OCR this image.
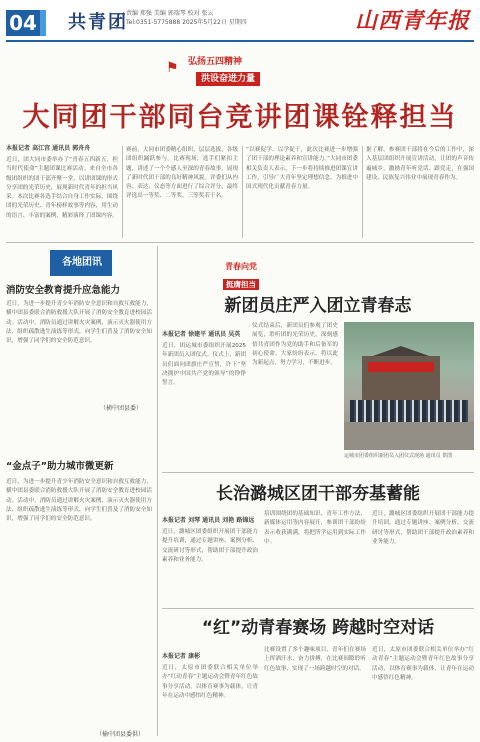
04 共青团
责编 郑强 美编 郭瑞琴 校对 张云
Tel:0351-5775888 2025年5月22日 星期四	山西青年报
⚑ 弘扬五四精神
洪设奋进力量
大同团干部同台竞讲团课铨释担当
本报记者 高江宫 通讯员 郭舟舟
近日，团大同市委举办了“青春五四新五，担当时代使命”主题团课比赛活动。来自全市各级团组织的团干部齐聚一堂，以讲团课的形式分享团的光荣历史，展现新时代青年的担当风采。本次比赛各选手结合自身工作实际，围绕团的光荣历史、青年榜样故事等内容，用生动的语言、丰富的案例，精彩演绎了团课内容。
赛前，大同市团委精心组织，层层选拔，各级团组织踊跃参与。比赛现场，选手们紧扣主题，讲述了一个个感人至深的青春故事，展现了新时代团干部的良好精神风貌。评委们从内容、表达、仪态等方面进行了综合评分，最终评选出一等奖、二等奖、三等奖若干名。
“以赛促学、以学促干，此次比赛进一步增强了团干部的理论素养和宣讲能力。”大同市团委相关负责人表示，下一步将持续推进团课宣讲工作，引导广大青年坚定理想信念，为推进中国式现代化贡献青春力量。
据了解，参赛团干部将在今后的工作中，深入基层团组织开展宣讲活动，让团的声音传遍城乡，激励青年听党话、跟党走，在强国建设、民族复兴伟业中展现青春作为。
各地团讯
消防安全教育提升应急能力
近日，为进一步提升青少年消防安全意识和自救互救能力，横中团县委联合消防救援大队开展了消防安全教育进校园活动。活动中，消防员通过讲解火灾案例、演示灭火器使用方法、组织疏散逃生演练等形式，向学生们普及了消防安全知识，增强了同学们的安全防范意识。
（横中团县委）
“金点子”助力城市微更新
近日，为进一步提升青少年消防安全意识和自救互救能力，横中团县委联合消防救援大队开展了消防安全教育进校园活动。活动中，消防员通过讲解火灾案例、演示灭火器使用方法、组织疏散逃生演练等形式，向学生们普及了消防安全知识，增强了同学们的安全防范意识。
（榆中团县委供）
青春向党
挺膺担当
新团员庄严入团立青春志
本报记者 徐建平 通讯员 吴英
近日，团运城市委组织开展2025年新团员入团仪式。仪式上，新团员们面向团旗庄严宣誓，许下“坚决拥护中国共产党的领导”的铮铮誓言。
仪式结束后，新团员们参观了团史展览，聆听团的光荣历史，深刻感悟共青团作为党的助手和后备军的初心使命。大家纷纷表示，将以此为新起点，努力学习，不断进步。
运城市团委组织新团员入团仪式现场 通讯员 供图
长治潞城区团干部夯基蓄能
本报记者 刘琴 通讯员 刘艳 路锦远
近日，潞城区团委组织开展团干部能力提升培训，通过专题讲座、案例分析、交流研讨等形式，帮助团干部提升政治素养和业务能力。
培训围绕团的基础知识、青年工作方法、新媒体运用等内容展开，参训团干部纷纷表示收获满满，将把所学运用到实际工作中。
近日，潞城区团委组织开展团干部能力提升培训，通过专题讲座、案例分析、交流研讨等形式，帮助团干部提升政治素养和业务能力。
“红”动青春赛场 跨越时空对话
本报记者 康彬
近日，太原市团委联合相关单位举办“红动青春”主题运动会暨青年红色故事分享活动，以体育赛事为载体，让青年在运动中感悟红色精神。
比赛设置了多个趣味项目，青年们在赛场上挥洒汗水、奋力拼搏，在比赛间隙聆听红色故事，实现了一场跨越时空的对话。
近日，太原市团委联合相关单位举办“红动青春”主题运动会暨青年红色故事分享活动，以体育赛事为载体，让青年在运动中感悟红色精神。
